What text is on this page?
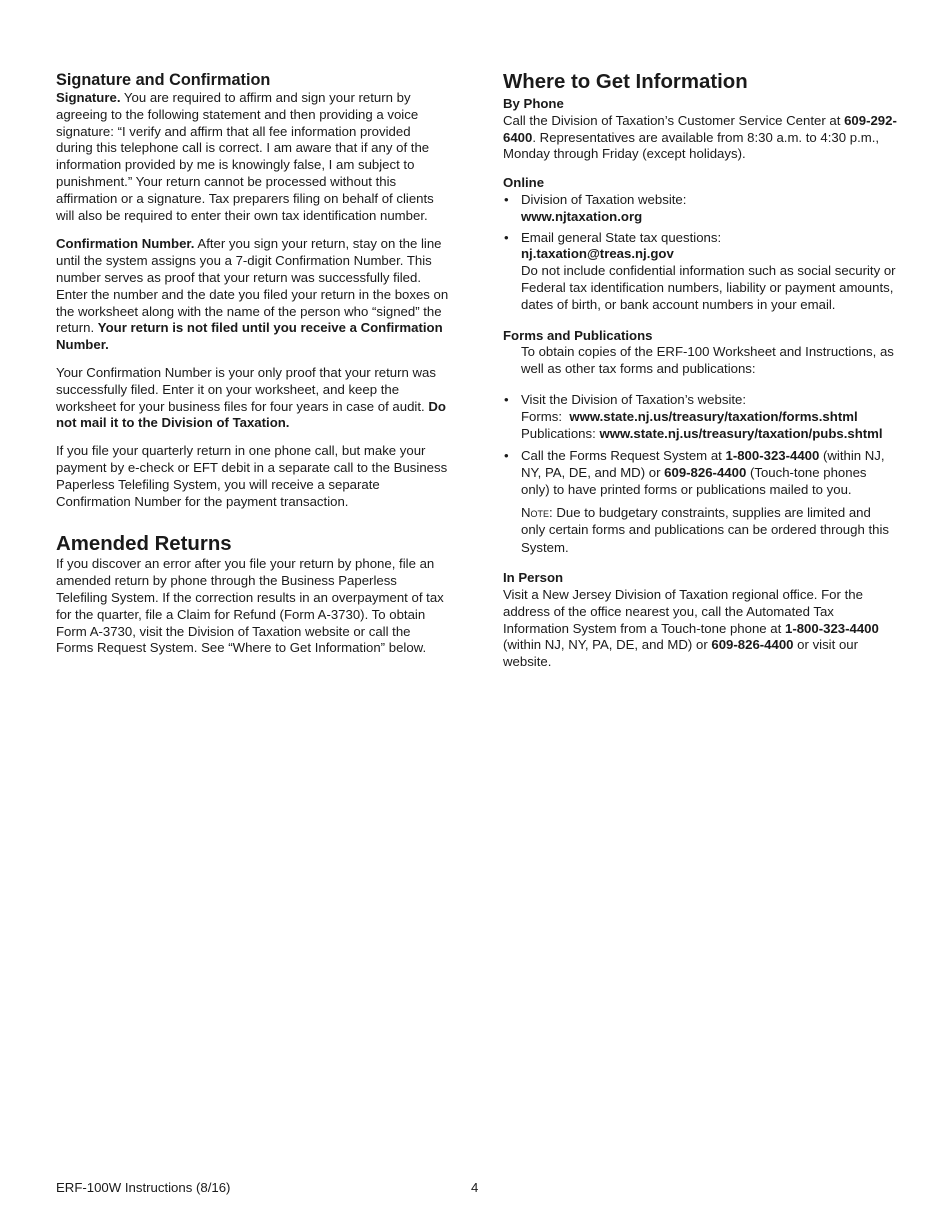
Signature and Confirmation

Signature. You are required to affirm and sign your return by agreeing to the following statement and then providing a voice signature: “I verify and affirm that all fee information provided during this telephone call is correct. I am aware that if any of the information provided by me is knowingly false, I am subject to punishment.” Your return cannot be processed without this affirmation or a signature. Tax preparers filing on behalf of clients will also be required to enter their own tax identification number.

Confirmation Number. After you sign your return, stay on the line until the system assigns you a 7-digit Confirmation Number. This number serves as proof that your return was successfully filed. Enter the number and the date you filed your return in the boxes on the worksheet along with the name of the person who “signed” the return. Your return is not filed until you receive a Confirmation Number.

Your Confirmation Number is your only proof that your return was successfully filed. Enter it on your worksheet, and keep the worksheet for your business files for four years in case of audit. Do not mail it to the Division of Taxation.

If you file your quarterly return in one phone call, but make your payment by e-check or EFT debit in a separate call to the Business Paperless Telefiling System, you will receive a separate Confirmation Number for the payment transaction.

Amended Returns

If you discover an error after you file your return by phone, file an amended return by phone through the Business Paperless Telefiling System. If the correction results in an overpayment of tax for the quarter, file a Claim for Refund (Form A-3730). To obtain Form A-3730, visit the Division of Taxation website or call the Forms Request System. See “Where to Get Information” below.

Where to Get Information
By Phone

Call the Division of Taxation’s Customer Service Center at 609-292-6400. Representatives are available from 8:30 a.m. to 4:30 p.m., Monday through Friday (except holidays).

Online
• Division of Taxation website:
www.njtaxation.org
• Email general State tax questions:
nj.taxation@treas.nj.gov
Do not include confidential information such as social security or Federal tax identification numbers, liability or payment amounts, dates of birth, or bank account numbers in your email.
Forms and Publications

To obtain copies of the ERF-100 Worksheet and Instructions, as well as other tax forms and publications:

• Visit the Division of Taxation’s website:
Forms: www.state.nj.us/treasury/taxation/forms.shtml
Publications: www.state.nj.us/treasury/taxation/pubs.shtml
• Call the Forms Request System at 1-800-323-4400 (within NJ, NY, PA, DE, and MD) or 609-826-4400 (Touch-tone phones only) to have printed forms or publications mailed to you.

Note: Due to budgetary constraints, supplies are limited and only certain forms and publications can be ordered through this System.

In Person

Visit a New Jersey Division of Taxation regional office. For the address of the office nearest you, call the Automated Tax Information System from a Touch-tone phone at 1-800-323-4400 (within NJ, NY, PA, DE, and MD) or 609-826-4400 or visit our website.

ERF-100W Instructions (8/16)	4
